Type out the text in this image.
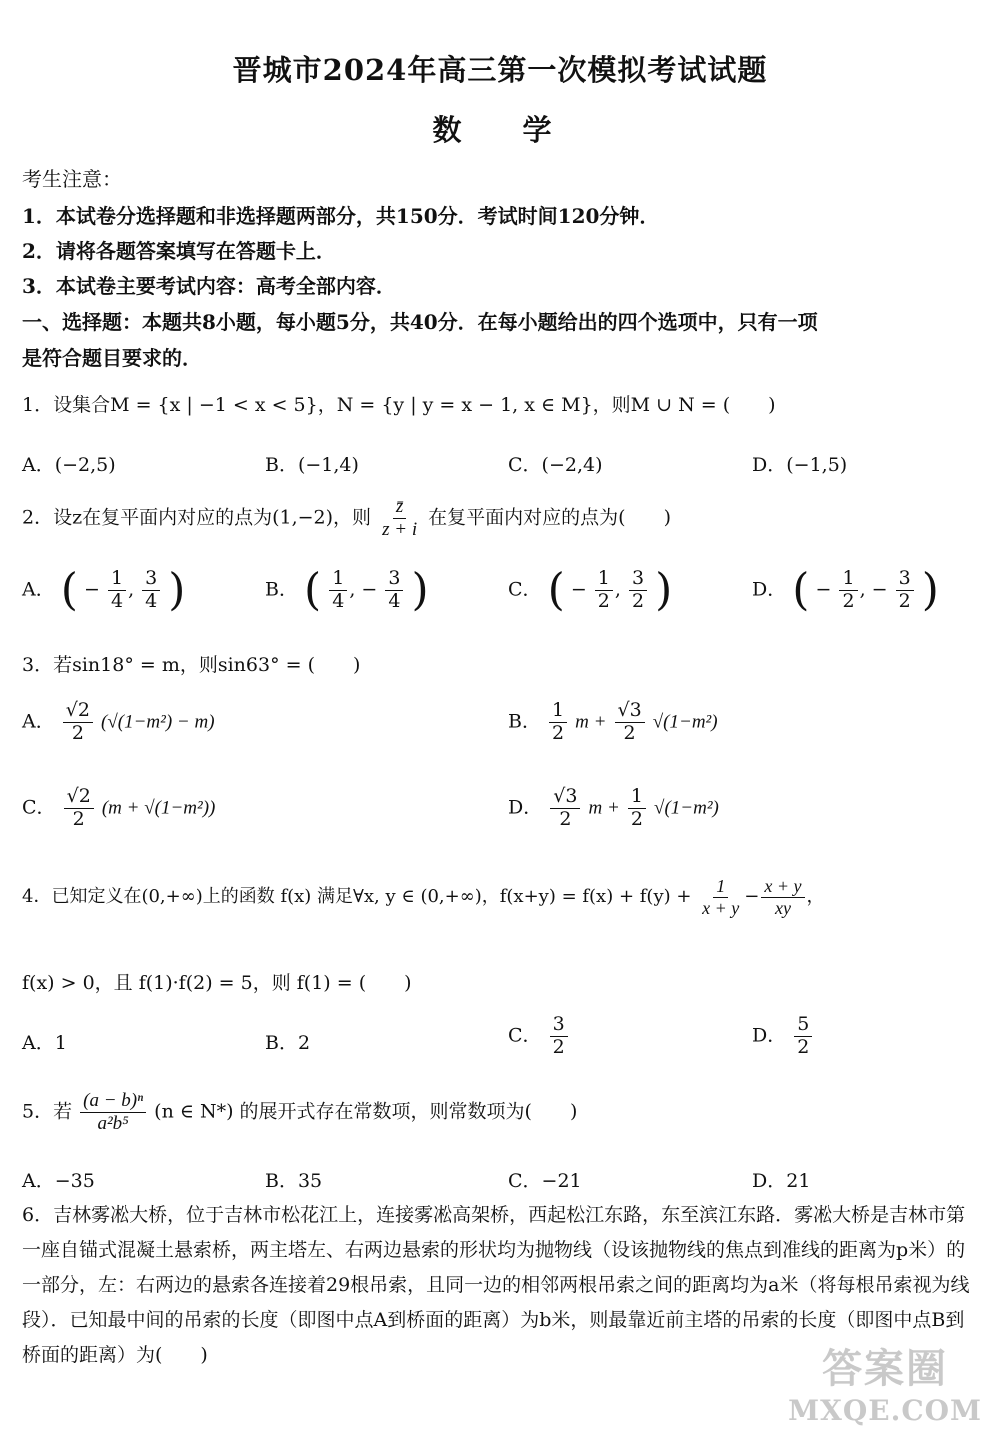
晋城市2024年高三第一次模拟考试试题
数　学
考生注意：
1．本试卷分选择题和非选择题两部分，共150分．考试时间120分钟．
2．请将各题答案填写在答题卡上．
3．本试卷主要考试内容：高考全部内容．
一、选择题：本题共8小题，每小题5分，共40分．在每小题给出的四个选项中，只有一项
是符合题目要求的．
1．设集合M = {x | −1 < x < 5}，N = {y | y = x − 1, x ∈ M}，则M ∪ N = (　　)
A．(−2,5)	B．(−1,4)	C．(−2,4)	D．(−1,5)
2．设z在复平面内对应的点为(1,−2)，则 $\frac{z̄}{z + i}$ 在复平面内对应的点为(　　)
A． ( − $\frac{1}{4}$ , $\frac{3}{4}$ )	B． ( $\frac{1}{4}$ , − $\frac{3}{4}$ )	C． ( − $\frac{1}{2}$ , $\frac{3}{2}$ )	D． ( − $\frac{1}{2}$ , − $\frac{3}{2}$ )
3．若sin18° = m，则sin63° = (　　)
A． $\frac{√2}{2} (√(1-m^2) - m)$	B． $\frac{1}{2}$ $m + \frac{√3}{2} √(1-m^2)$
C． $\frac{√2}{2} (m + √(1-m^2))$	D． $\frac{√3}{2}$ $m + \frac{1}{2} √(1-m^2)$
4．已知定义在(0,+∞)上的函数 f(x) 满足∀x, y ∈ (0,+∞)，$f(x+y) = f(x) + f(y) + \frac{1}{x + y} - \frac{x + y}{xy}$ ，
f(x) > 0，且 f(1)·f(2) = 5，则 f(1) = (　　)
A．1	B．2	C． $\frac{3}{2}$	D． $\frac{5}{2}$
5．若 $\frac{\text{(a − b)ⁿ}}{\text{a²b⁵}} (n$ ∈ N*) 的展开式存在常数项，则常数项为(　　)
A．−35	B．35	C．−21	D．21
6．吉林雾凇大桥，位于吉林市松花江上，连接雾凇高架桥，西起松江东路，东至滨江东路．雾凇大桥是吉林市第一座自锚式混凝土悬索桥，两主塔左、右两边悬索的形状均为抛物线（设该抛物线的焦点到准线的距离为p米）的一部分，左：右两边的悬索各连接着29根吊索，且同一边的相邻两根吊索之间的距离均为a米（将每根吊索视为线段）．已知最中间的吊索的长度（即图中点A到桥面的距离）为b米，则最靠近前主塔的吊索的长度（即图中点B到桥面的距离）为(　　)	答案圈
MXQE.COM
